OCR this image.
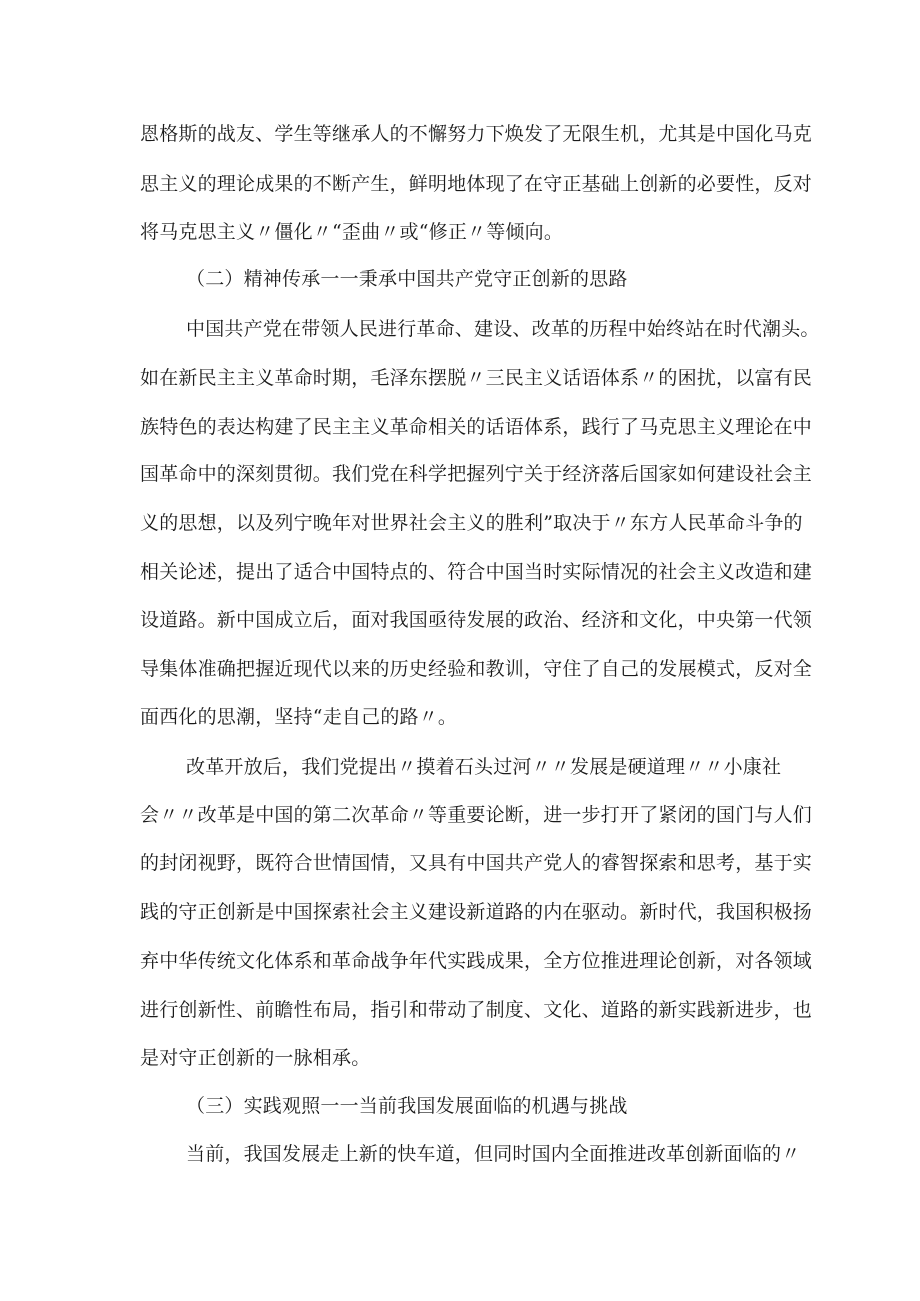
恩格斯的战友、学生等继承人的不懈努力下焕发了无限生机，尤其是中国化马克
思主义的理论成果的不断产生，鲜明地体现了在守正基础上创新的必要性，反对
将马克思主义〃僵化〃“歪曲〃或“修正〃等倾向。
（二）精神传承一一秉承中国共产党守正创新的思路
中国共产党在带领人民进行革命、建设、改革的历程中始终站在时代潮头。
如在新民主主义革命时期，毛泽东摆脱〃三民主义话语体系〃的困扰，以富有民
族特色的表达构建了民主主义革命相关的话语体系，践行了马克思主义理论在中
国革命中的深刻贯彻。我们党在科学把握列宁关于经济落后国家如何建设社会主
义的思想，以及列宁晚年对世界社会主义的胜利”取决于〃东方人民革命斗争的
相关论述，提出了适合中国特点的、符合中国当时实际情况的社会主义改造和建
设道路。新中国成立后，面对我国亟待发展的政治、经济和文化，中央第一代领
导集体准确把握近现代以来的历史经验和教训，守住了自己的发展模式，反对全
面西化的思潮，坚持“走自己的路〃。
改革开放后，我们党提出〃摸着石头过河〃〃发展是硬道理〃〃小康社
会〃〃改革是中国的第二次革命〃等重要论断，进一步打开了紧闭的国门与人们
的封闭视野，既符合世情国情，又具有中国共产党人的睿智探索和思考，基于实
践的守正创新是中国探索社会主义建设新道路的内在驱动。新时代，我国积极扬
弃中华传统文化体系和革命战争年代实践成果，全方位推进理论创新，对各领域
进行创新性、前瞻性布局，指引和带动了制度、文化、道路的新实践新进步，也
是对守正创新的一脉相承。
（三）实践观照一一当前我国发展面临的机遇与挑战
当前，我国发展走上新的快车道，但同时国内全面推进改革创新面临的〃
